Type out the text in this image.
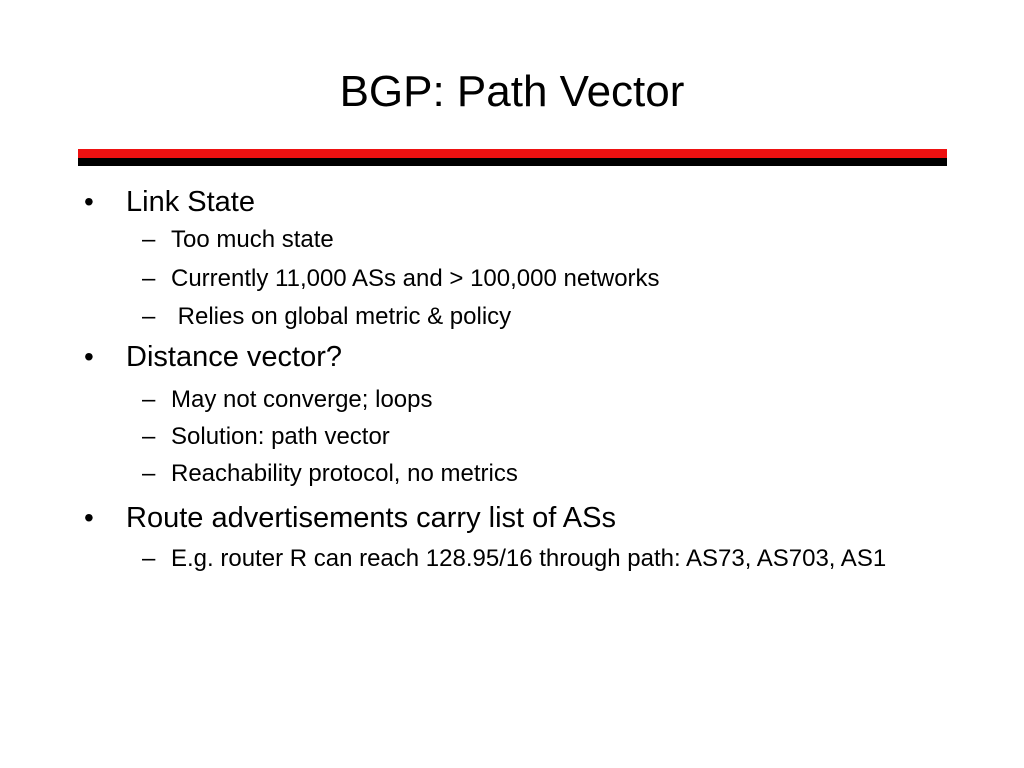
BGP: Path Vector
• Link State
– Too much state
– Currently 11,000 ASs and > 100,000 networks
– Relies on global metric & policy
• Distance vector?
– May not converge; loops
– Solution: path vector
– Reachability protocol, no metrics
• Route advertisements carry list of ASs
– E.g. router R can reach 128.95/16 through path: AS73, AS703, AS1
